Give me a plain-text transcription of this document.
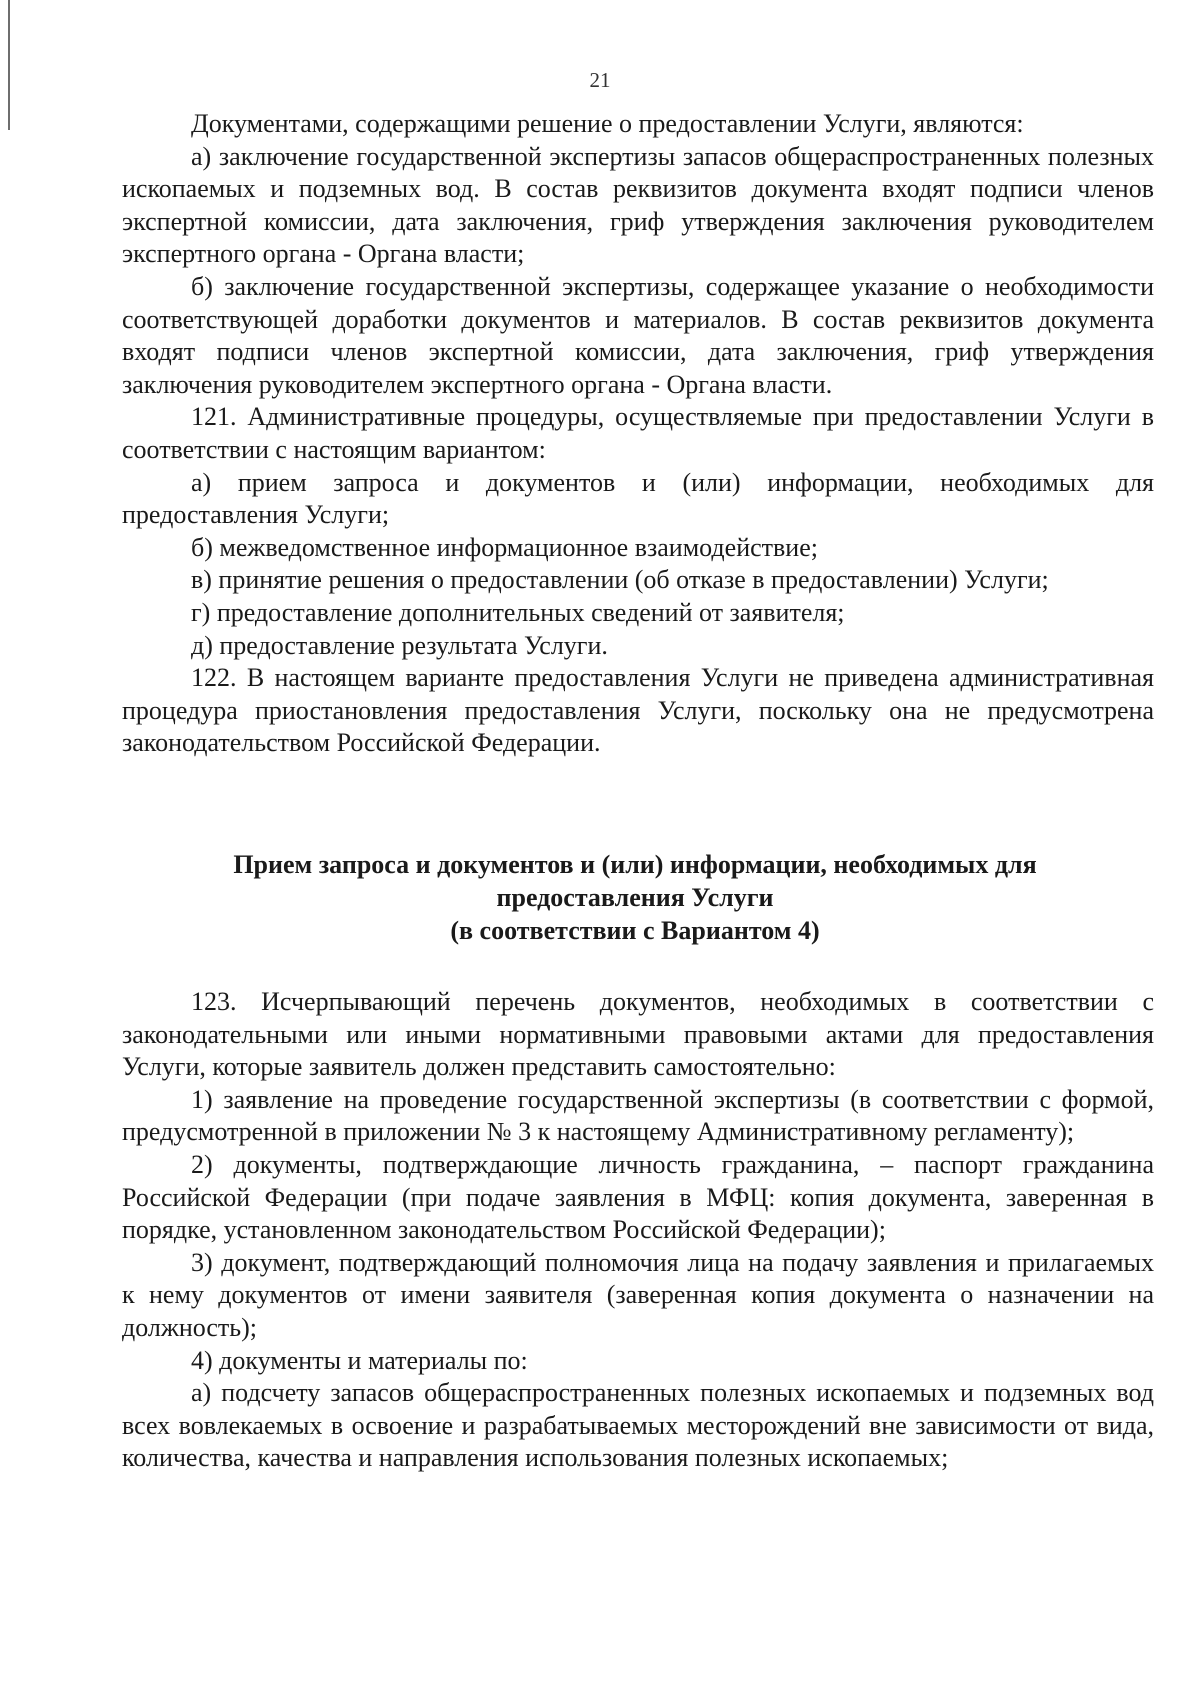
21

Документами, содержащими решение о предоставлении Услуги, являются:

а) заключение государственной экспертизы запасов общераспространенных полезных ископаемых и подземных вод. В состав реквизитов документа входят подписи членов экспертной комиссии, дата заключения, гриф утверждения заключения руководителем экспертного органа - Органа власти;

б) заключение государственной экспертизы, содержащее указание о необходимости соответствующей доработки документов и материалов. В состав реквизитов документа входят подписи членов экспертной комиссии, дата заключения, гриф утверждения заключения руководителем экспертного органа - Органа власти.

121. Административные процедуры, осуществляемые при предоставлении Услуги в соответствии с настоящим вариантом:

а) прием запроса и документов и (или) информации, необходимых для предоставления Услуги;

б) межведомственное информационное взаимодействие;

в) принятие решения о предоставлении (об отказе в предоставлении) Услуги;

г) предоставление дополнительных сведений от заявителя;

д) предоставление результата Услуги.

122. В настоящем варианте предоставления Услуги не приведена административная процедура приостановления предоставления Услуги, поскольку она не предусмотрена законодательством Российской Федерации.

Прием запроса и документов и (или) информации, необходимых для
предоставления Услуги
(в соответствии с Вариантом 4)

123. Исчерпывающий перечень документов, необходимых в соответствии с законодательными или иными нормативными правовыми актами для предоставления Услуги, которые заявитель должен представить самостоятельно:

1) заявление на проведение государственной экспертизы (в соответствии с формой, предусмотренной в приложении № 3 к настоящему Административному регламенту);

2) документы, подтверждающие личность гражданина, – паспорт гражданина Российской Федерации (при подаче заявления в МФЦ: копия документа, заверенная в порядке, установленном законодательством Российской Федерации);

3) документ, подтверждающий полномочия лица на подачу заявления и прилагаемых к нему документов от имени заявителя (заверенная копия документа о назначении на должность);

4) документы и материалы по:

а) подсчету запасов общераспространенных полезных ископаемых и подземных вод всех вовлекаемых в освоение и разрабатываемых месторождений вне зависимости от вида, количества, качества и направления использования полезных ископаемых;
